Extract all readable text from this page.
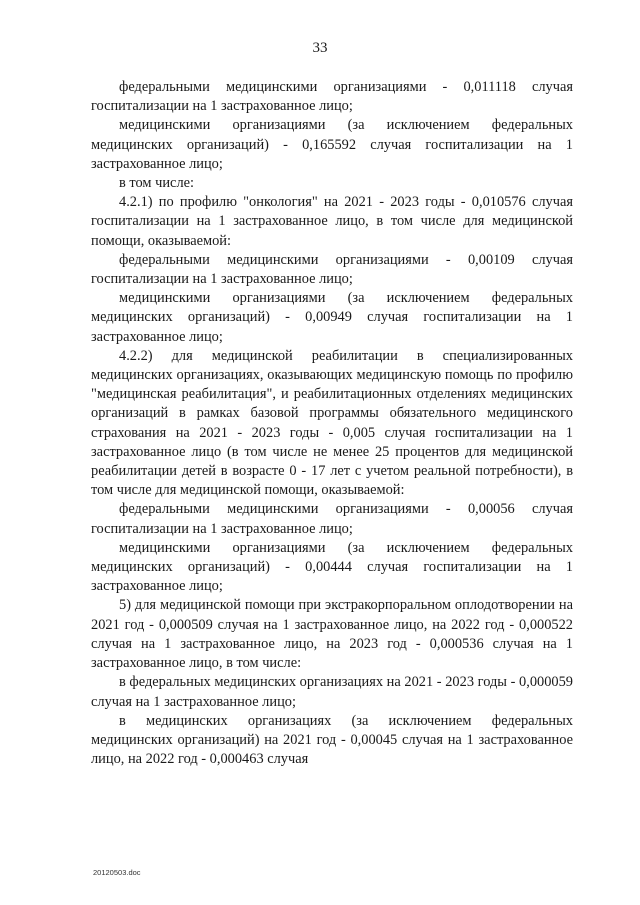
33

федеральными медицинскими организациями - 0,011118 случая госпитализации на 1 застрахованное лицо;

медицинскими организациями (за исключением федеральных медицинских организаций) - 0,165592 случая госпитализации на 1 застрахованное лицо;

в том числе:

4.2.1) по профилю "онкология" на 2021 - 2023 годы - 0,010576 случая госпитализации на 1 застрахованное лицо, в том числе для медицинской помощи, оказываемой:

федеральными медицинскими организациями - 0,00109 случая госпитализации на 1 застрахованное лицо;

медицинскими организациями (за исключением федеральных медицинских организаций) - 0,00949 случая госпитализации на 1 застрахованное лицо;

4.2.2) для медицинской реабилитации в специализированных медицинских организациях, оказывающих медицинскую помощь по профилю "медицинская реабилитация", и реабилитационных отделениях медицинских организаций в рамках базовой программы обязательного медицинского страхования на 2021 - 2023 годы - 0,005 случая госпитализации на 1 застрахованное лицо (в том числе не менее 25 процентов для медицинской реабилитации детей в возрасте 0 - 17 лет с учетом реальной потребности), в том числе для медицинской помощи, оказываемой:

федеральными медицинскими организациями - 0,00056 случая госпитализации на 1 застрахованное лицо;

медицинскими организациями (за исключением федеральных медицинских организаций) - 0,00444 случая госпитализации на 1 застрахованное лицо;

5) для медицинской помощи при экстракорпоральном оплодотворении на 2021 год - 0,000509 случая на 1 застрахованное лицо, на 2022 год - 0,000522 случая на 1 застрахованное лицо, на 2023 год - 0,000536 случая на 1 застрахованное лицо, в том числе:

в федеральных медицинских организациях на 2021 - 2023 годы - 0,000059 случая на 1 застрахованное лицо;

в медицинских организациях (за исключением федеральных медицинских организаций) на 2021 год - 0,00045 случая на 1 застрахованное лицо, на 2022 год - 0,000463 случая

20120503.doc
